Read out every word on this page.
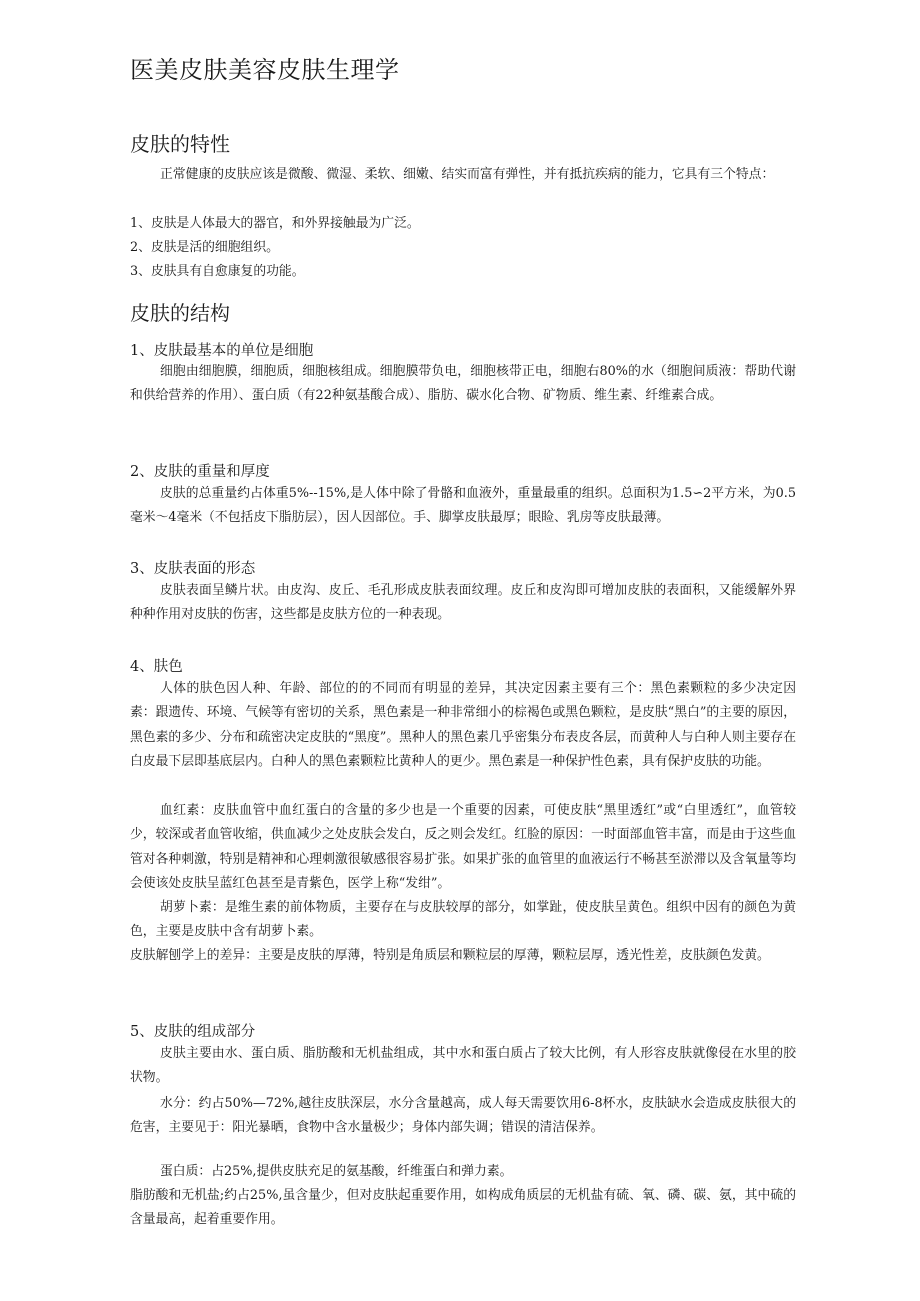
医美皮肤美容皮肤生理学
皮肤的特性

正常健康的皮肤应该是微酸、微湿、柔软、细嫩、结实而富有弹性，并有抵抗疾病的能力，它具有三个特点：

1、皮肤是人体最大的器官，和外界接触最为广泛。

2、皮肤是活的细胞组织。

3、皮肤具有自愈康复的功能。

皮肤的结构
1、皮肤最基本的单位是细胞

细胞由细胞膜，细胞质，细胞核组成。细胞膜带负电，细胞核带正电，细胞右80%的水（细胞间质液：帮助代谢和供给营养的作用）、蛋白质（有22种氨基酸合成）、脂肪、碳水化合物、矿物质、维生素、纤维素合成。

2、皮肤的重量和厚度

皮肤的总重量约占体重5%--15%,是人体中除了骨骼和血液外，重量最重的组织。总面积为1.5∽2平方米，为0.5毫米～4毫米（不包括皮下脂肪层），因人因部位。手、脚掌皮肤最厚；眼睑、乳房等皮肤最薄。

3、皮肤表面的形态

皮肤表面呈鳞片状。由皮沟、皮丘、毛孔形成皮肤表面纹理。皮丘和皮沟即可增加皮肤的表面积，又能缓解外界种种作用对皮肤的伤害，这些都是皮肤方位的一种表现。

4、肤色

人体的肤色因人种、年龄、部位的的不同而有明显的差异，其决定因素主要有三个：黑色素颗粒的多少决定因素：跟遗传、环境、气候等有密切的关系，黑色素是一种非常细小的棕褐色或黑色颗粒，是皮肤“黑白”的主要的原因，黑色素的多少、分布和疏密决定皮肤的“黑度”。黑种人的黑色素几乎密集分布表皮各层，而黄种人与白种人则主要存在白皮最下层即基底层内。白种人的黑色素颗粒比黄种人的更少。黑色素是一种保护性色素，具有保护皮肤的功能。

血红素：皮肤血管中血红蛋白的含量的多少也是一个重要的因素，可使皮肤“黑里透红”或“白里透红”，血管较少，较深或者血管收缩，供血减少之处皮肤会发白，反之则会发红。红脸的原因：一时面部血管丰富，而是由于这些血管对各种刺激，特别是精神和心理刺激很敏感很容易扩张。如果扩张的血管里的血液运行不畅甚至淤滞以及含氧量等均会使该处皮肤呈蓝红色甚至是青紫色，医学上称“发绀”。

胡萝卜素：是维生素的前体物质，主要存在与皮肤较厚的部分，如掌趾，使皮肤呈黄色。组织中因有的颜色为黄色，主要是皮肤中含有胡萝卜素。

皮肤解刨学上的差异：主要是皮肤的厚薄，特别是角质层和颗粒层的厚薄，颗粒层厚，透光性差，皮肤颜色发黄。

5、皮肤的组成部分

皮肤主要由水、蛋白质、脂肪酸和无机盐组成，其中水和蛋白质占了较大比例，有人形容皮肤就像侵在水里的胶状物。

水分：约占50%—72%,越往皮肤深层，水分含量越高，成人每天需要饮用6-8杯水，皮肤缺水会造成皮肤很大的危害，主要见于：阳光暴晒，食物中含水量极少；身体内部失调；错误的清洁保养。

蛋白质：占25%,提供皮肤充足的氨基酸，纤维蛋白和弹力素。

脂肪酸和无机盐;约占25%,虽含量少，但对皮肤起重要作用，如构成角质层的无机盐有硫、氧、磷、碳、氨，其中硫的含量最高，起着重要作用。
